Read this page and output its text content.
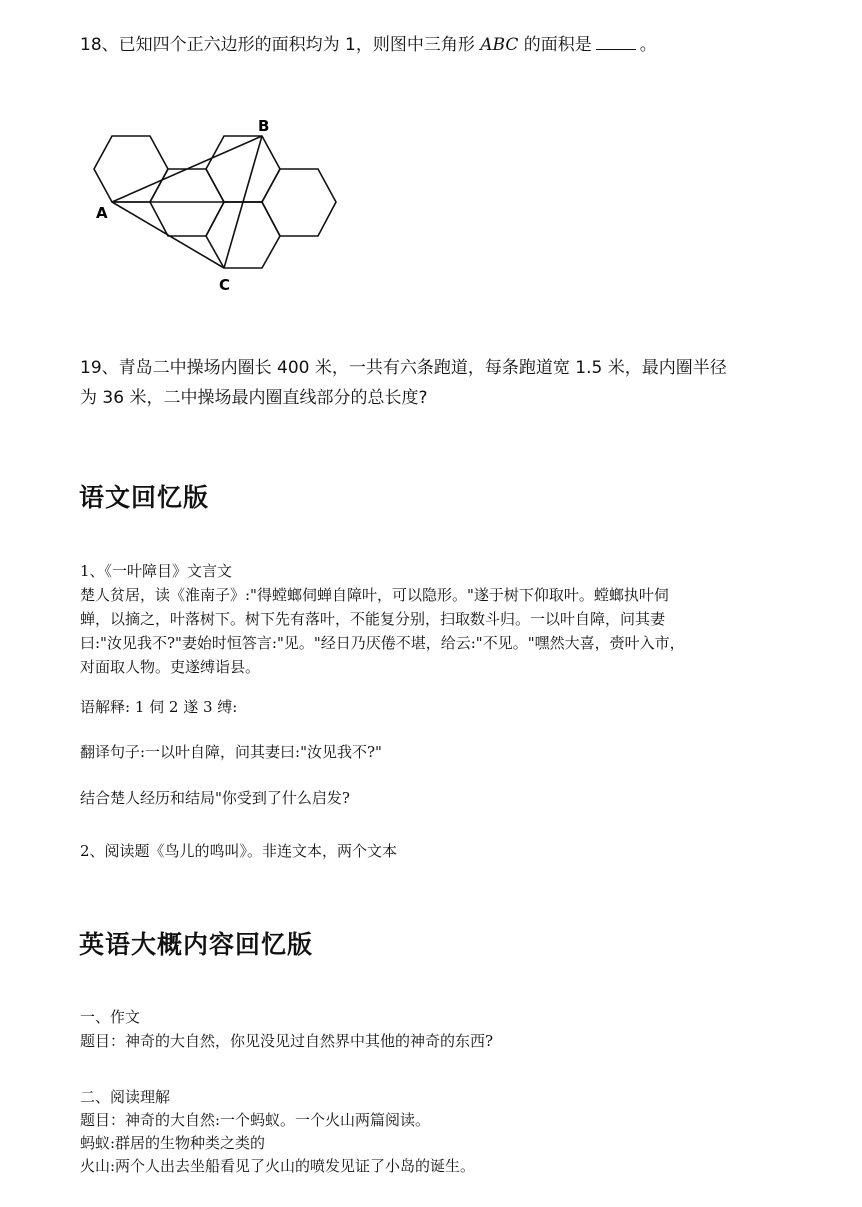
18、已知四个正六边形的面积均为 1，则图中三角形 ABC 的面积是	。
A
B
C
19、青岛二中操场内圈长 400 米，一共有六条跑道，每条跑道宽 1.5 米，最内圈半径
为 36 米，二中操场最内圈直线部分的总长度?
语文回忆版
1、《一叶障目》文言文
楚人贫居，读《淮南子》:"得螳螂伺蝉自障叶，可以隐形。"遂于树下仰取叶。螳螂执叶伺
蝉，以摘之，叶落树下。树下先有落叶，不能复分别，扫取数斗归。一以叶自障，问其妻
曰:"汝见我不?"妻始时恒答言:"见。"经日乃厌倦不堪，给云:"不见。"嘿然大喜，赍叶入市，
对面取人物。吏遂缚诣县。
语解释: 1 伺 2 遂 3 缚:
翻译句子:一以叶自障，问其妻曰:"汝见我不?"
结合楚人经历和结局"你受到了什么启发?
2、阅读题《鸟儿的鸣叫》。非连文本，两个文本
英语大概内容回忆版
一、作文
题目：神奇的大自然，你见没见过自然界中其他的神奇的东西?
二、阅读理解
题目：神奇的大自然:一个蚂蚁。一个火山两篇阅读。
蚂蚁:群居的生物种类之类的
火山:两个人出去坐船看见了火山的喷发见证了小岛的诞生。
